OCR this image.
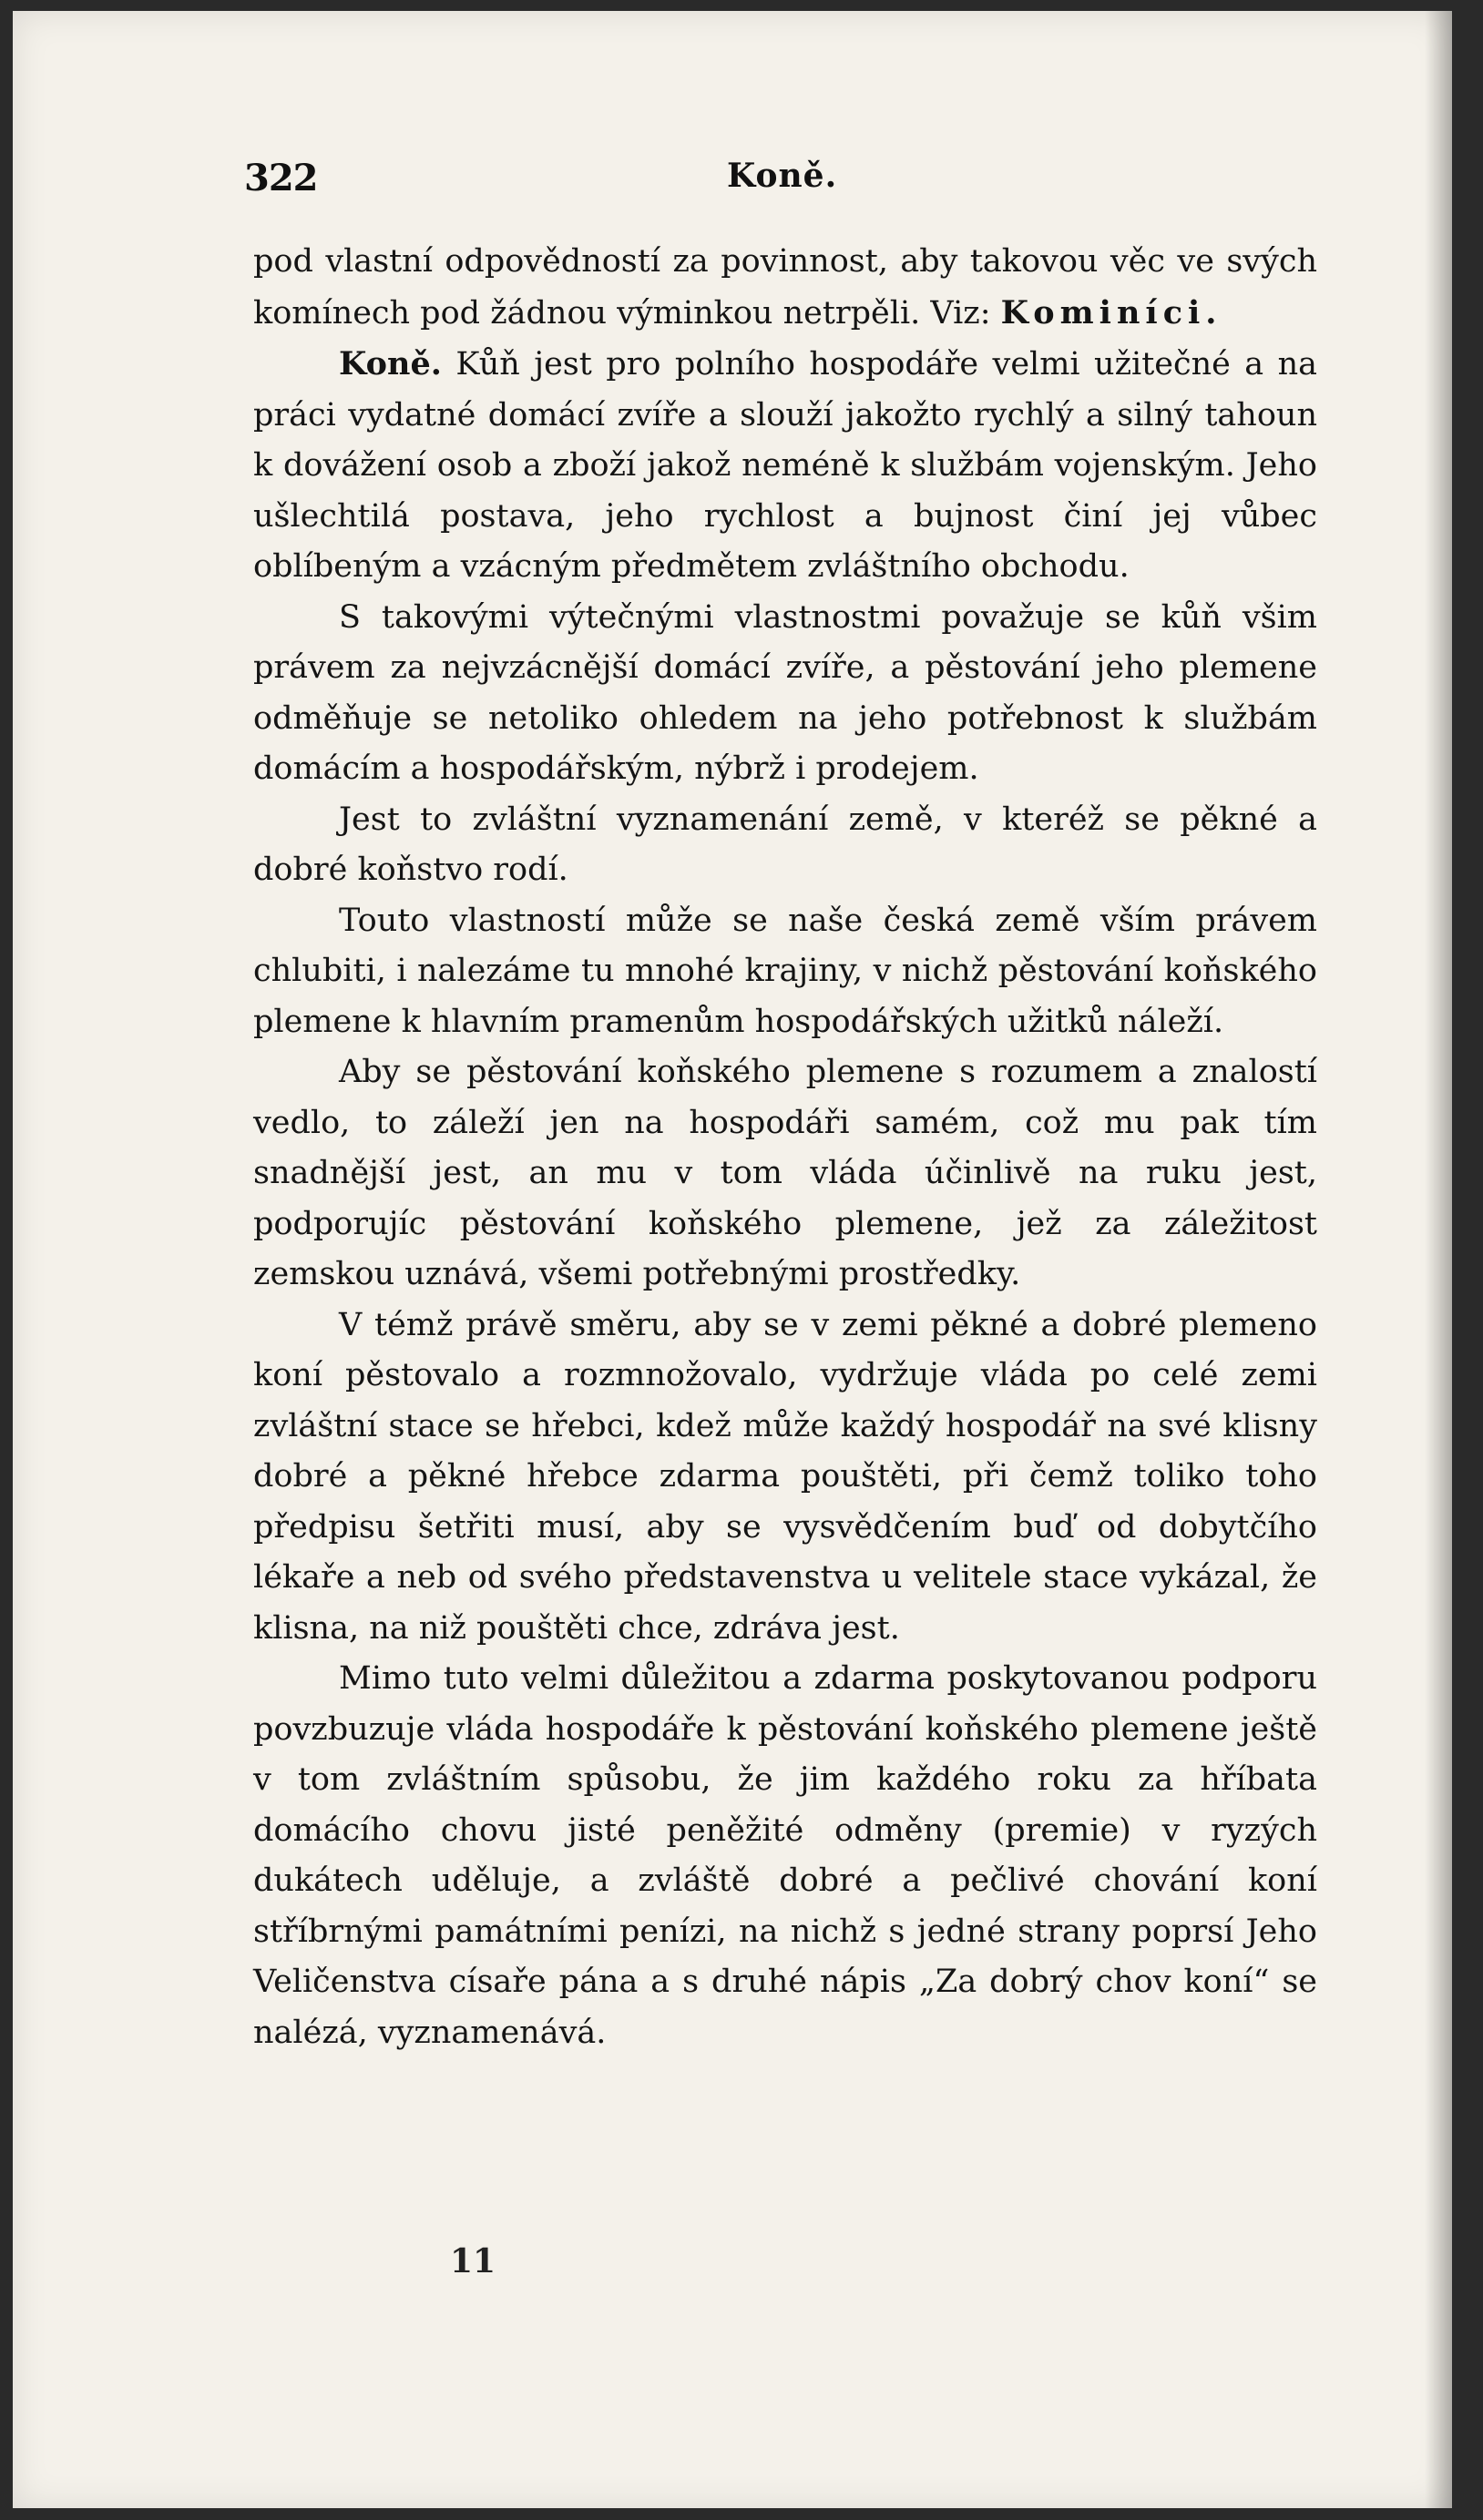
322	Koně.

pod vlastní odpovědností za povinnost, aby takovou věc ve svých komínech pod žádnou výminkou netrpěli. Viz: Kominíci.

Koně. Kůň jest pro polního hospodáře velmi užitečné a na práci vydatné domácí zvíře a slouží jakožto rychlý a silný tahoun k dovážení osob a zboží jakož neméně k službám vojenským. Jeho ušlechtilá postava, jeho rychlost a bujnost činí jej vůbec oblíbeným a vzácným předmětem zvláštního obchodu.

S takovými výtečnými vlastnostmi považuje se kůň všim právem za nejvzácnější domácí zvíře, a pěstování jeho plemene odměňuje se netoliko ohledem na jeho potřebnost k službám domácím a hospodářským, nýbrž i prodejem.

Jest to zvláštní vyznamenání země, v kteréž se pěkné a dobré koňstvo rodí.

Touto vlastností může se naše česká země vším právem chlubiti, i nalezáme tu mnohé krajiny, v nichž pěstování koňského plemene k hlavním pramenům hospodářských užitků náleží.

Aby se pěstování koňského plemene s rozumem a znalostí vedlo, to záleží jen na hospodáři samém, což mu pak tím snadnější jest, an mu v tom vláda účinlivě na ruku jest, podporujíc pěstování koňského plemene, jež za záležitost zemskou uznává, všemi potřebnými prostředky.

V témž právě směru, aby se v zemi pěkné a dobré plemeno koní pěstovalo a rozmnožovalo, vydržuje vláda po celé zemi zvláštní stace se hřebci, kdež může každý hospodář na své klisny dobré a pěkné hřebce zdarma pouštěti, při čemž toliko toho předpisu šetřiti musí, aby se vysvědčením buď od dobytčího lékaře a neb od svého představenstva u velitele stace vykázal, že klisna, na niž pouštěti chce, zdráva jest.

Mimo tuto velmi důležitou a zdarma poskytovanou podporu povzbuzuje vláda hospodáře k pěstování koňského plemene ještě v tom zvláštním spůsobu, že jim každého roku za hříbata domácího chovu jisté peněžité odměny (premie) v ryzých dukátech uděluje, a zvláště dobré a pečlivé chování koní stříbrnými památními penízi, na nichž s jedné strany poprsí Jeho Veličenstva císaře pána a s druhé nápis „Za dobrý chov koní“ se nalézá, vyznamenává.

11
